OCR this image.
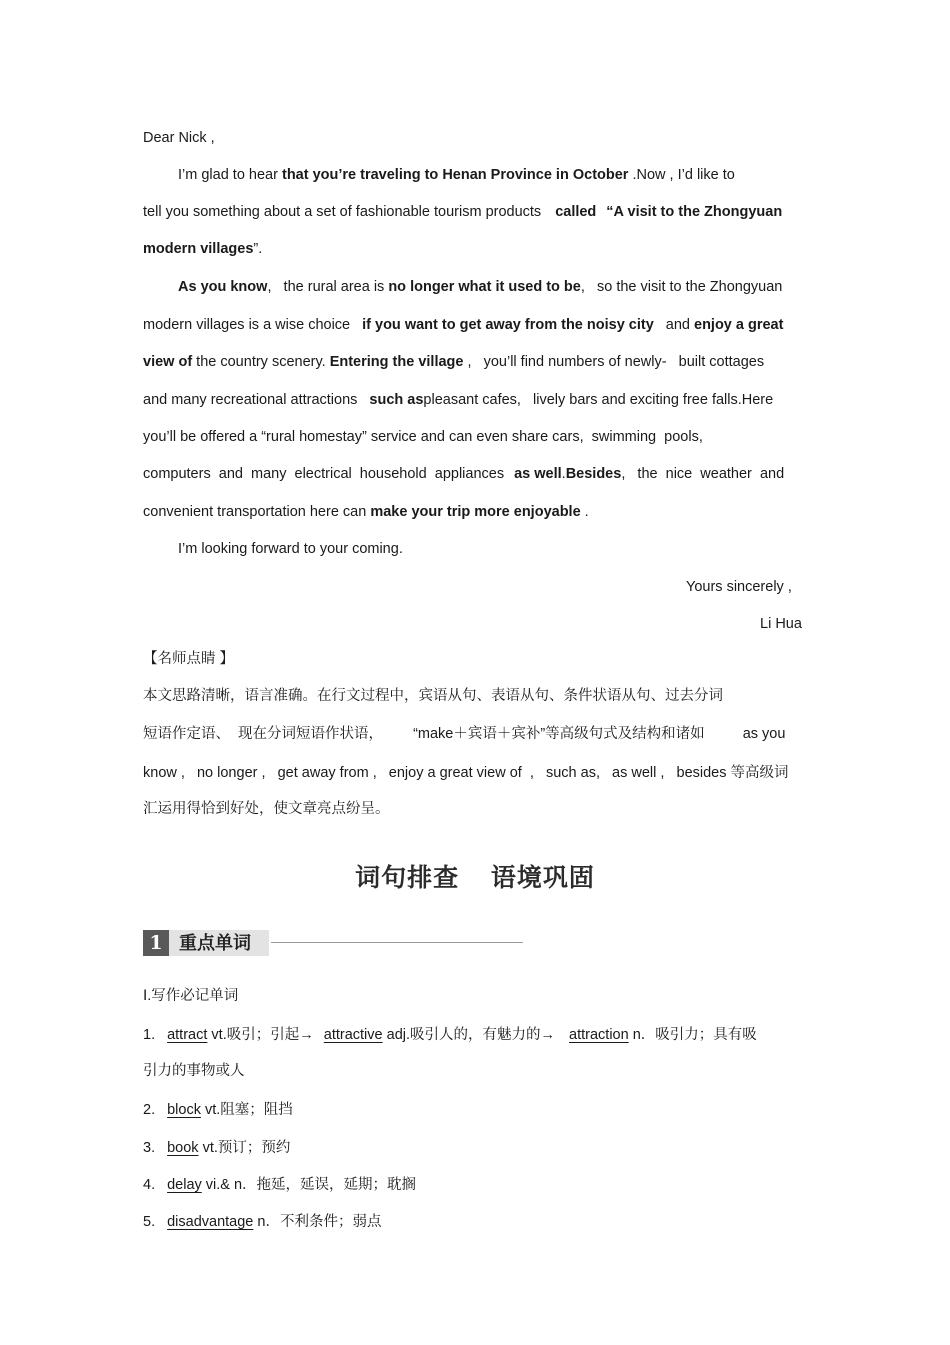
Dear Nick ,
I’m glad to hear that you’re traveling to Henan Province in October .Now , I’d like to
tell you something about a set of fashionable tourism products called “A visit to the Zhongyuan
modern villages”.
As you know,   the rural area is no longer what it used to be,   so the visit to the Zhongyuan
modern villages is a wise choice if you want to get away from the noisy city and enjoy a great
view of the country scenery. Entering the village ,   you’ll find numbers of newly-   built cottages
and many recreational attractions such aspleasant cafes,   lively bars and exciting free falls.Here
you’ll be offered a “rural homestay” service and can even share cars,  swimming  pools,
computers  and  many  electrical  household  appliances as well.Besides,   the  nice  weather  and
convenient transportation here can make your trip more enjoyable .
I’m looking forward to your coming.
Yours sincerely ,
Li Hua
【名师点睛 】
本文思路清晰，语言准确。在行文过程中，宾语从句、表语从句、条件状语从句、过去分词
短语作定语、  现在分词短语作状语， “make＋宾语＋宾补”等高级句式及结构和诸如	as you
know ,   no longer ,   get away from ,   enjoy a great view of  ,   such as,   as well ,   besides 等高级词
汇运用得恰到好处，使文章亮点纷呈。
词句排查    语境巩固
1 重点单词
Ⅰ.写作必记单词
1. attract vt.吸引；引起→ attractive adj.吸引人的，有魅力的→ attraction n．吸引力；具有吸
引力的事物或人
2. block vt.阻塞；阻挡
3. book vt.预订；预约
4. delay vi.& n．拖延，延误，延期；耽搁
5. disadvantage n．不利条件；弱点
